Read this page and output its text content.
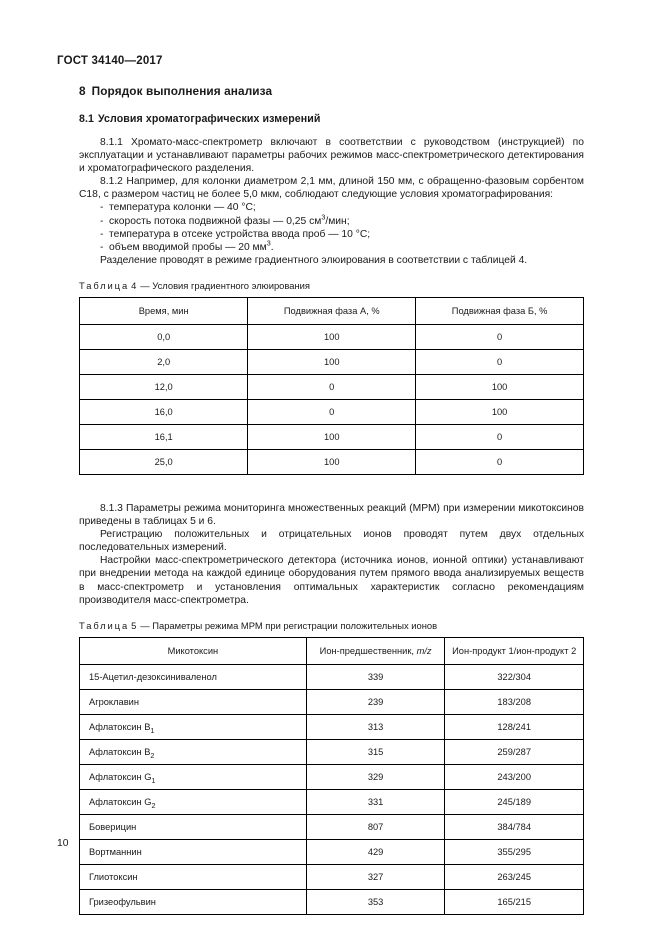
ГОСТ 34140—2017
8 Порядок выполнения анализа
8.1 Условия хроматографических измерений

8.1.1 Хромато-масс-спектрометр включают в соответствии с руководством (инструкцией) по эксплуатации и устанавливают параметры рабочих режимов масс-спектрометрического детектирования и хроматографического разделения.

8.1.2 Например, для колонки диаметром 2,1 мм, длиной 150 мм, с обращенно-фазовым сорбентом С18, с размером частиц не более 5,0 мкм, соблюдают следующие условия хроматографирования:

- температура колонки — 40 °C;
- скорость потока подвижной фазы — 0,25 $см^3$/мин;
- температура в отсеке устройства ввода проб — 10 °C;
- объем вводимой пробы — 20 $мм^3$.

Разделение проводят в режиме градиентного элюирования в соответствии с таблицей 4.

Таблица 4 — Условия градиентного элюирования
Время, мин	Подвижная фаза А, %	Подвижная фаза Б, %
0,0	100	0
2,0	100	0
12,0	0	100
16,0	0	100
16,1	100	0
25,0	100	0

8.1.3 Параметры режима мониторинга множественных реакций (МРМ) при измерении микотоксинов приведены в таблицах 5 и 6.

Регистрацию положительных и отрицательных ионов проводят путем двух отдельных последовательных измерений.

Настройки масс-спектрометрического детектора (источника ионов, ионной оптики) устанавливают при внедрении метода на каждой единице оборудования путем прямого ввода анализируемых веществ в масс-спектрометр и установления оптимальных характеристик согласно рекомендациям производителя масс-спектрометра.

Таблица 5 — Параметры режима МРМ при регистрации положительных ионов
Микотоксин	Ион-предшественник, m/z	Ион-продукт 1/ион-продукт 2
15-Ацетил-дезоксиниваленол	339	322/304
Агроклавин	239	183/208
Афлатоксин $B_1$	313	128/241
Афлатоксин $B_2$	315	259/287
Афлатоксин $G_1$	329	243/200
Афлатоксин $G_2$	331	245/189
Боверицин	807	384/784
Вортманнин	429	355/295
Глиотоксин	327	263/245
Гризеофульвин	353	165/215
10
